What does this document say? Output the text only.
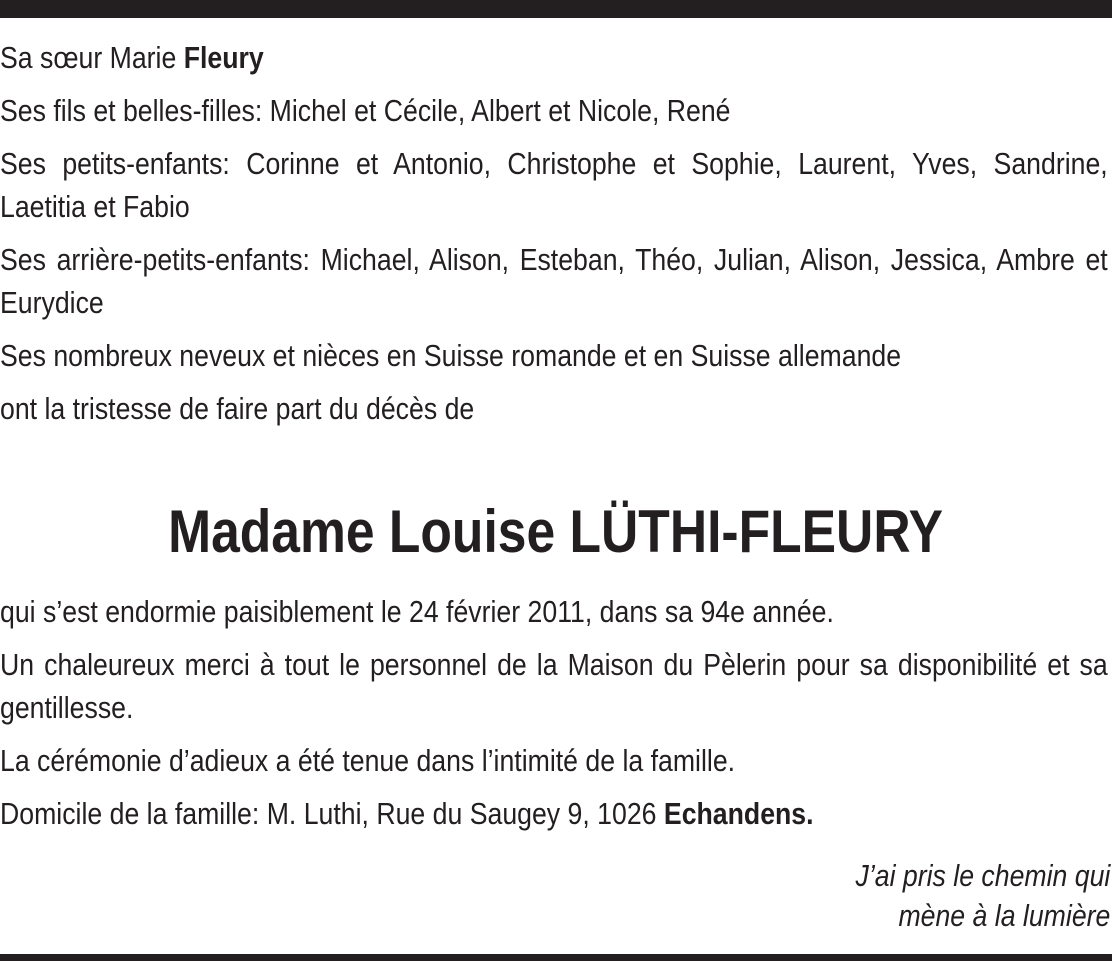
Sa sœur Marie Fleury

Ses fils et belles-filles: Michel et Cécile, Albert et Nicole, René

Ses petits-enfants: Corinne et Antonio, Christophe et Sophie, Laurent, Yves, Sandrine, Laetitia et Fabio

Ses arrière-petits-enfants: Michael, Alison, Esteban, Théo, Julian, Alison, Jessica, Ambre et Eurydice

Ses nombreux neveux et nièces en Suisse romande et en Suisse allemande

ont la tristesse de faire part du décès de

Madame Louise LÜTHI-FLEURY

qui s’est endormie paisiblement le 24 février 2011, dans sa 94e année.

Un chaleureux merci à tout le personnel de la Maison du Pèlerin pour sa disponibilité et sa gentillesse.

La cérémonie d’adieux a été tenue dans l’intimité de la famille.

Domicile de la famille: M. Luthi, Rue du Saugey 9, 1026 Echandens.

J’ai pris le chemin qui
mène à la lumière
